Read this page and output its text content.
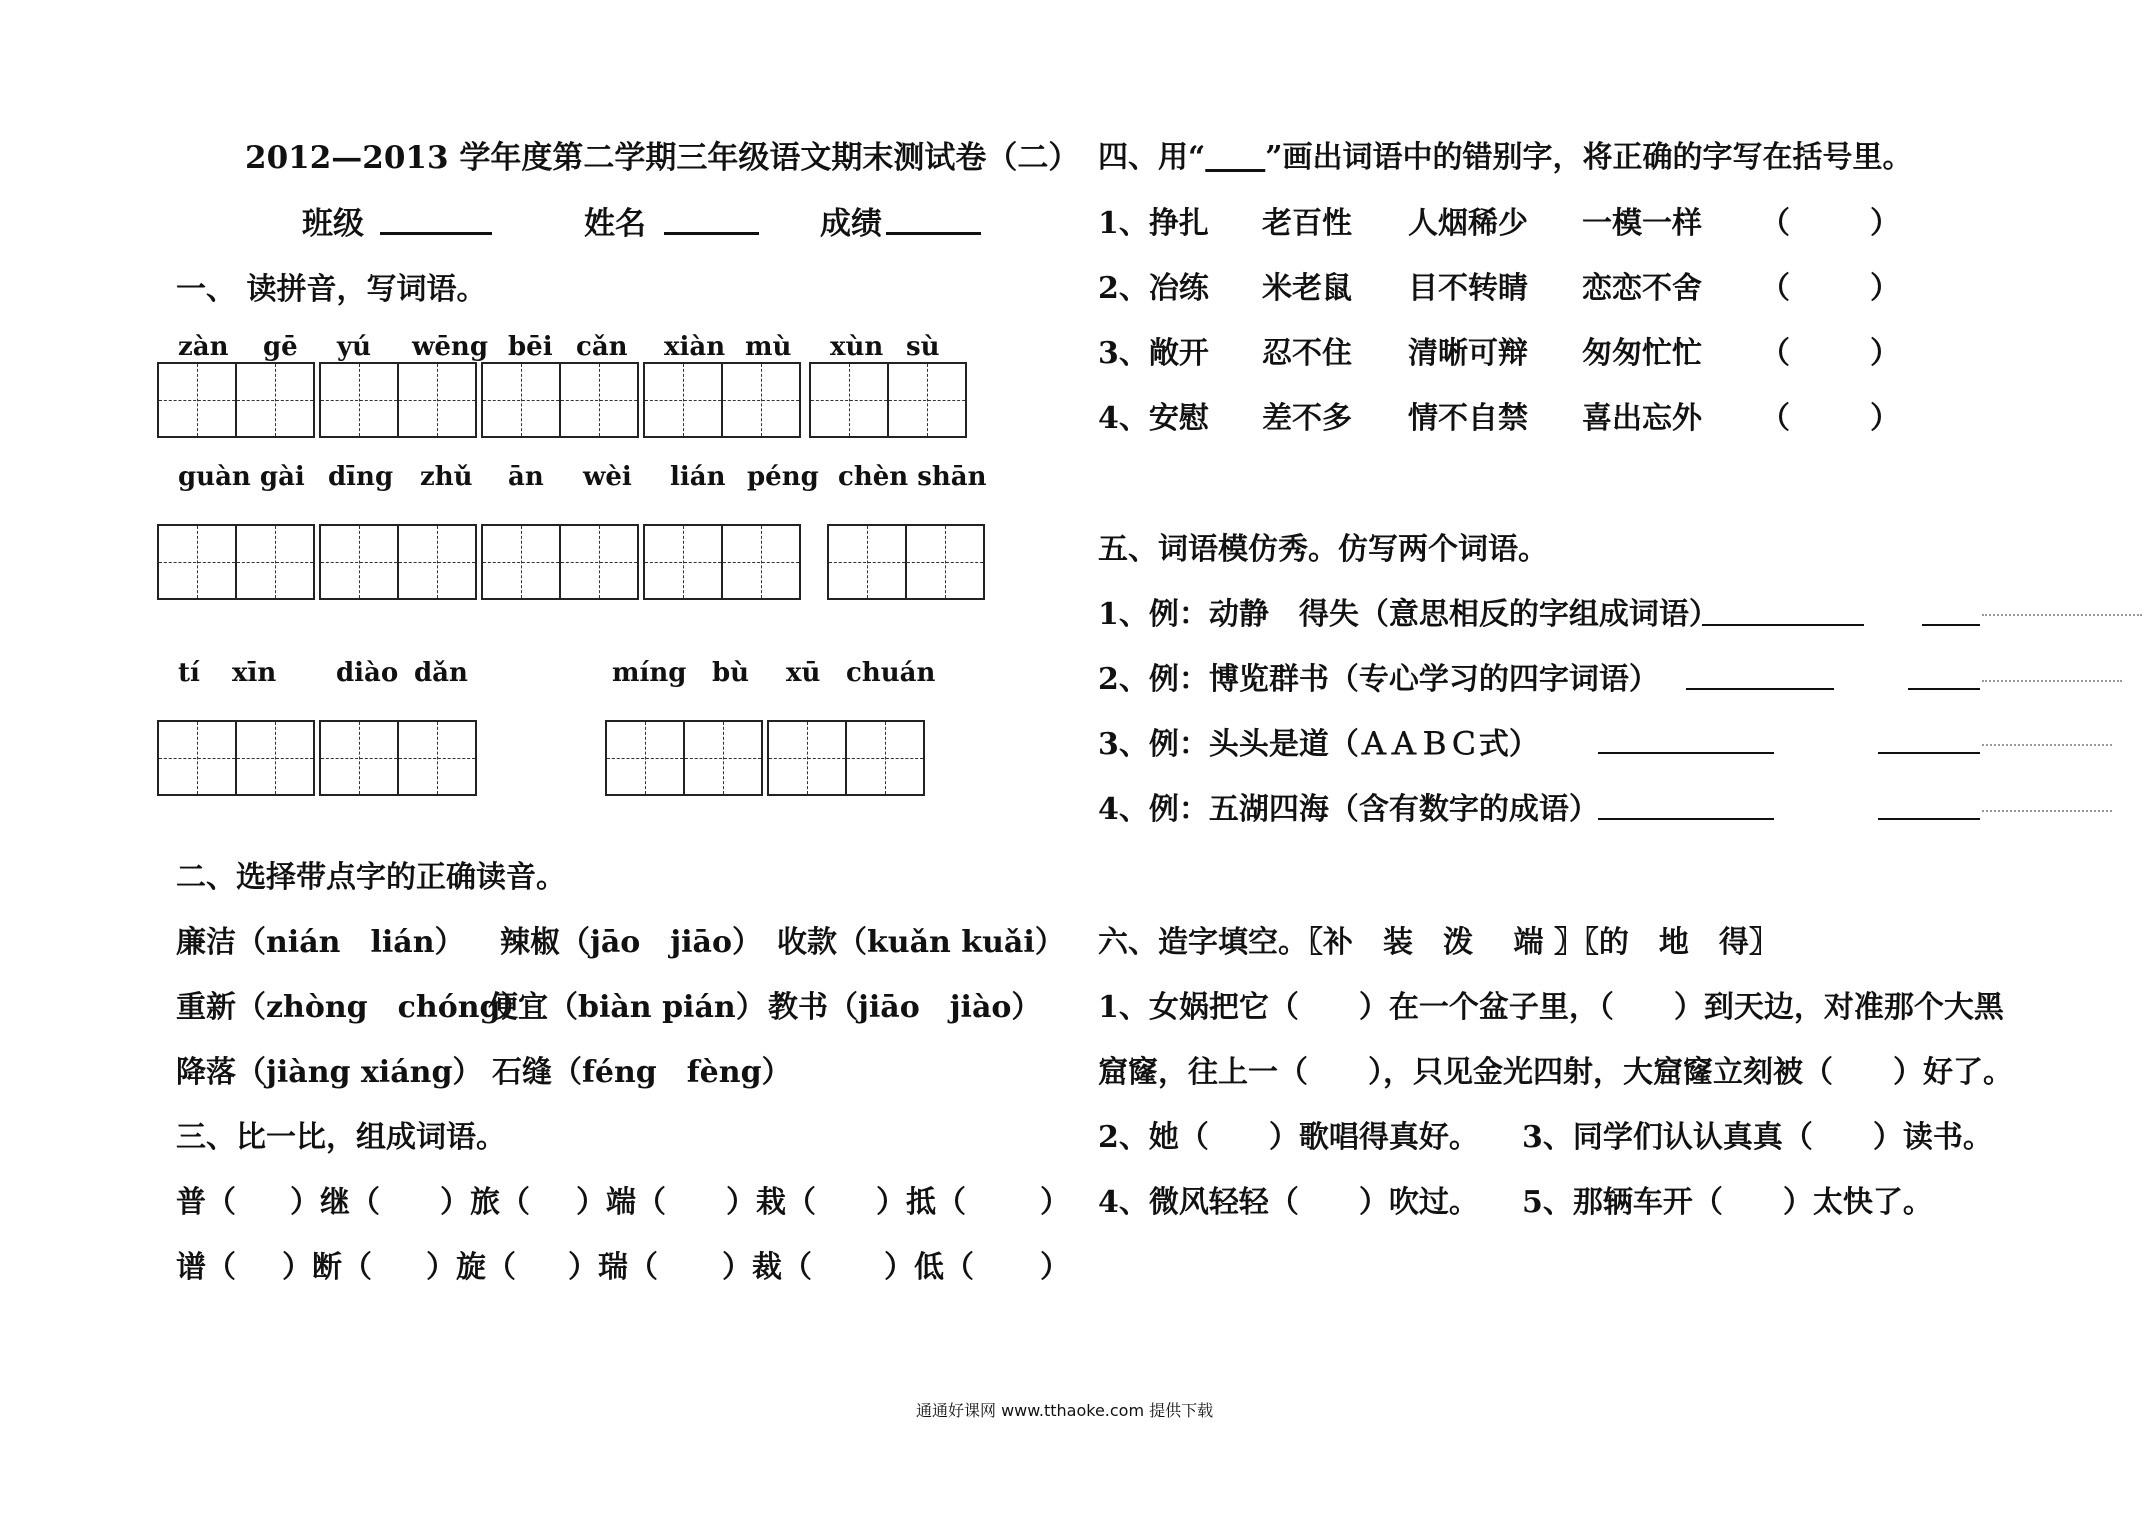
2012—2013 学年度第二学期三年级语文期末测试卷（二）
班级	姓名	成绩
一、 读拼音，写词语。
zàn gē yú wēng bēi cǎn xiàn mù xùn sù
guàn gài dīng zhǔ ān wèi lián péng chèn shān
tí xīn diào dǎn	míng bù xū chuán
二、选择带点字的正确读音。
廉洁（nián　lián） 辣椒（jāo　jiāo） 收款（kuǎn kuǎi）
重新（zhòng　chóng）
便宜（biàn pián） 教书（jiāo　jiào）
降落（jiàng xiáng） 石缝（féng　fèng）
三、比一比，组成词语。
普（ ）继（ ）旅（ ）端（ ）栽（ ）抵（ ）
谱（ ）断（ ）旋（ ）瑞（ ）裁（ ）低（ ）
四、用“　　 ”画出词语中的错别字，将正确的字写在括号里。
1、挣扎 老百性 人烟稀少 一模一样 （	）
2、冶练 米老鼠 目不转睛 恋恋不舍 （	）
3、敞开 忍不住 清晰可辩 匆匆忙忙 （	）
4、安慰 差不多 情不自禁 喜出忘外 （	）
五、词语模仿秀。仿写两个词语。
1、例：动静　得失（意思相反的字组成词语）
2、例：博览群书（专心学习的四字词语）
3、例：头头是道（ＡＡＢＣ式）
4、例：五湖四海（含有数字的成语）
六、造字填空。〖补　装　泼　 端 〗〖的　地　得〗
1、女娲把它（　　）在一个盆子里，（　　）到天边，对准那个大黑
窟窿，往上一（　　），只见金光四射，大窟窿立刻被（　　）好了。
2、她（　　）歌唱得真好。 3、同学们认认真真（　　）读书。
4、微风轻轻（　　）吹过。 5、那辆车开（　　）太快了。
通通好课网 www.tthaoke.com 提供下载
